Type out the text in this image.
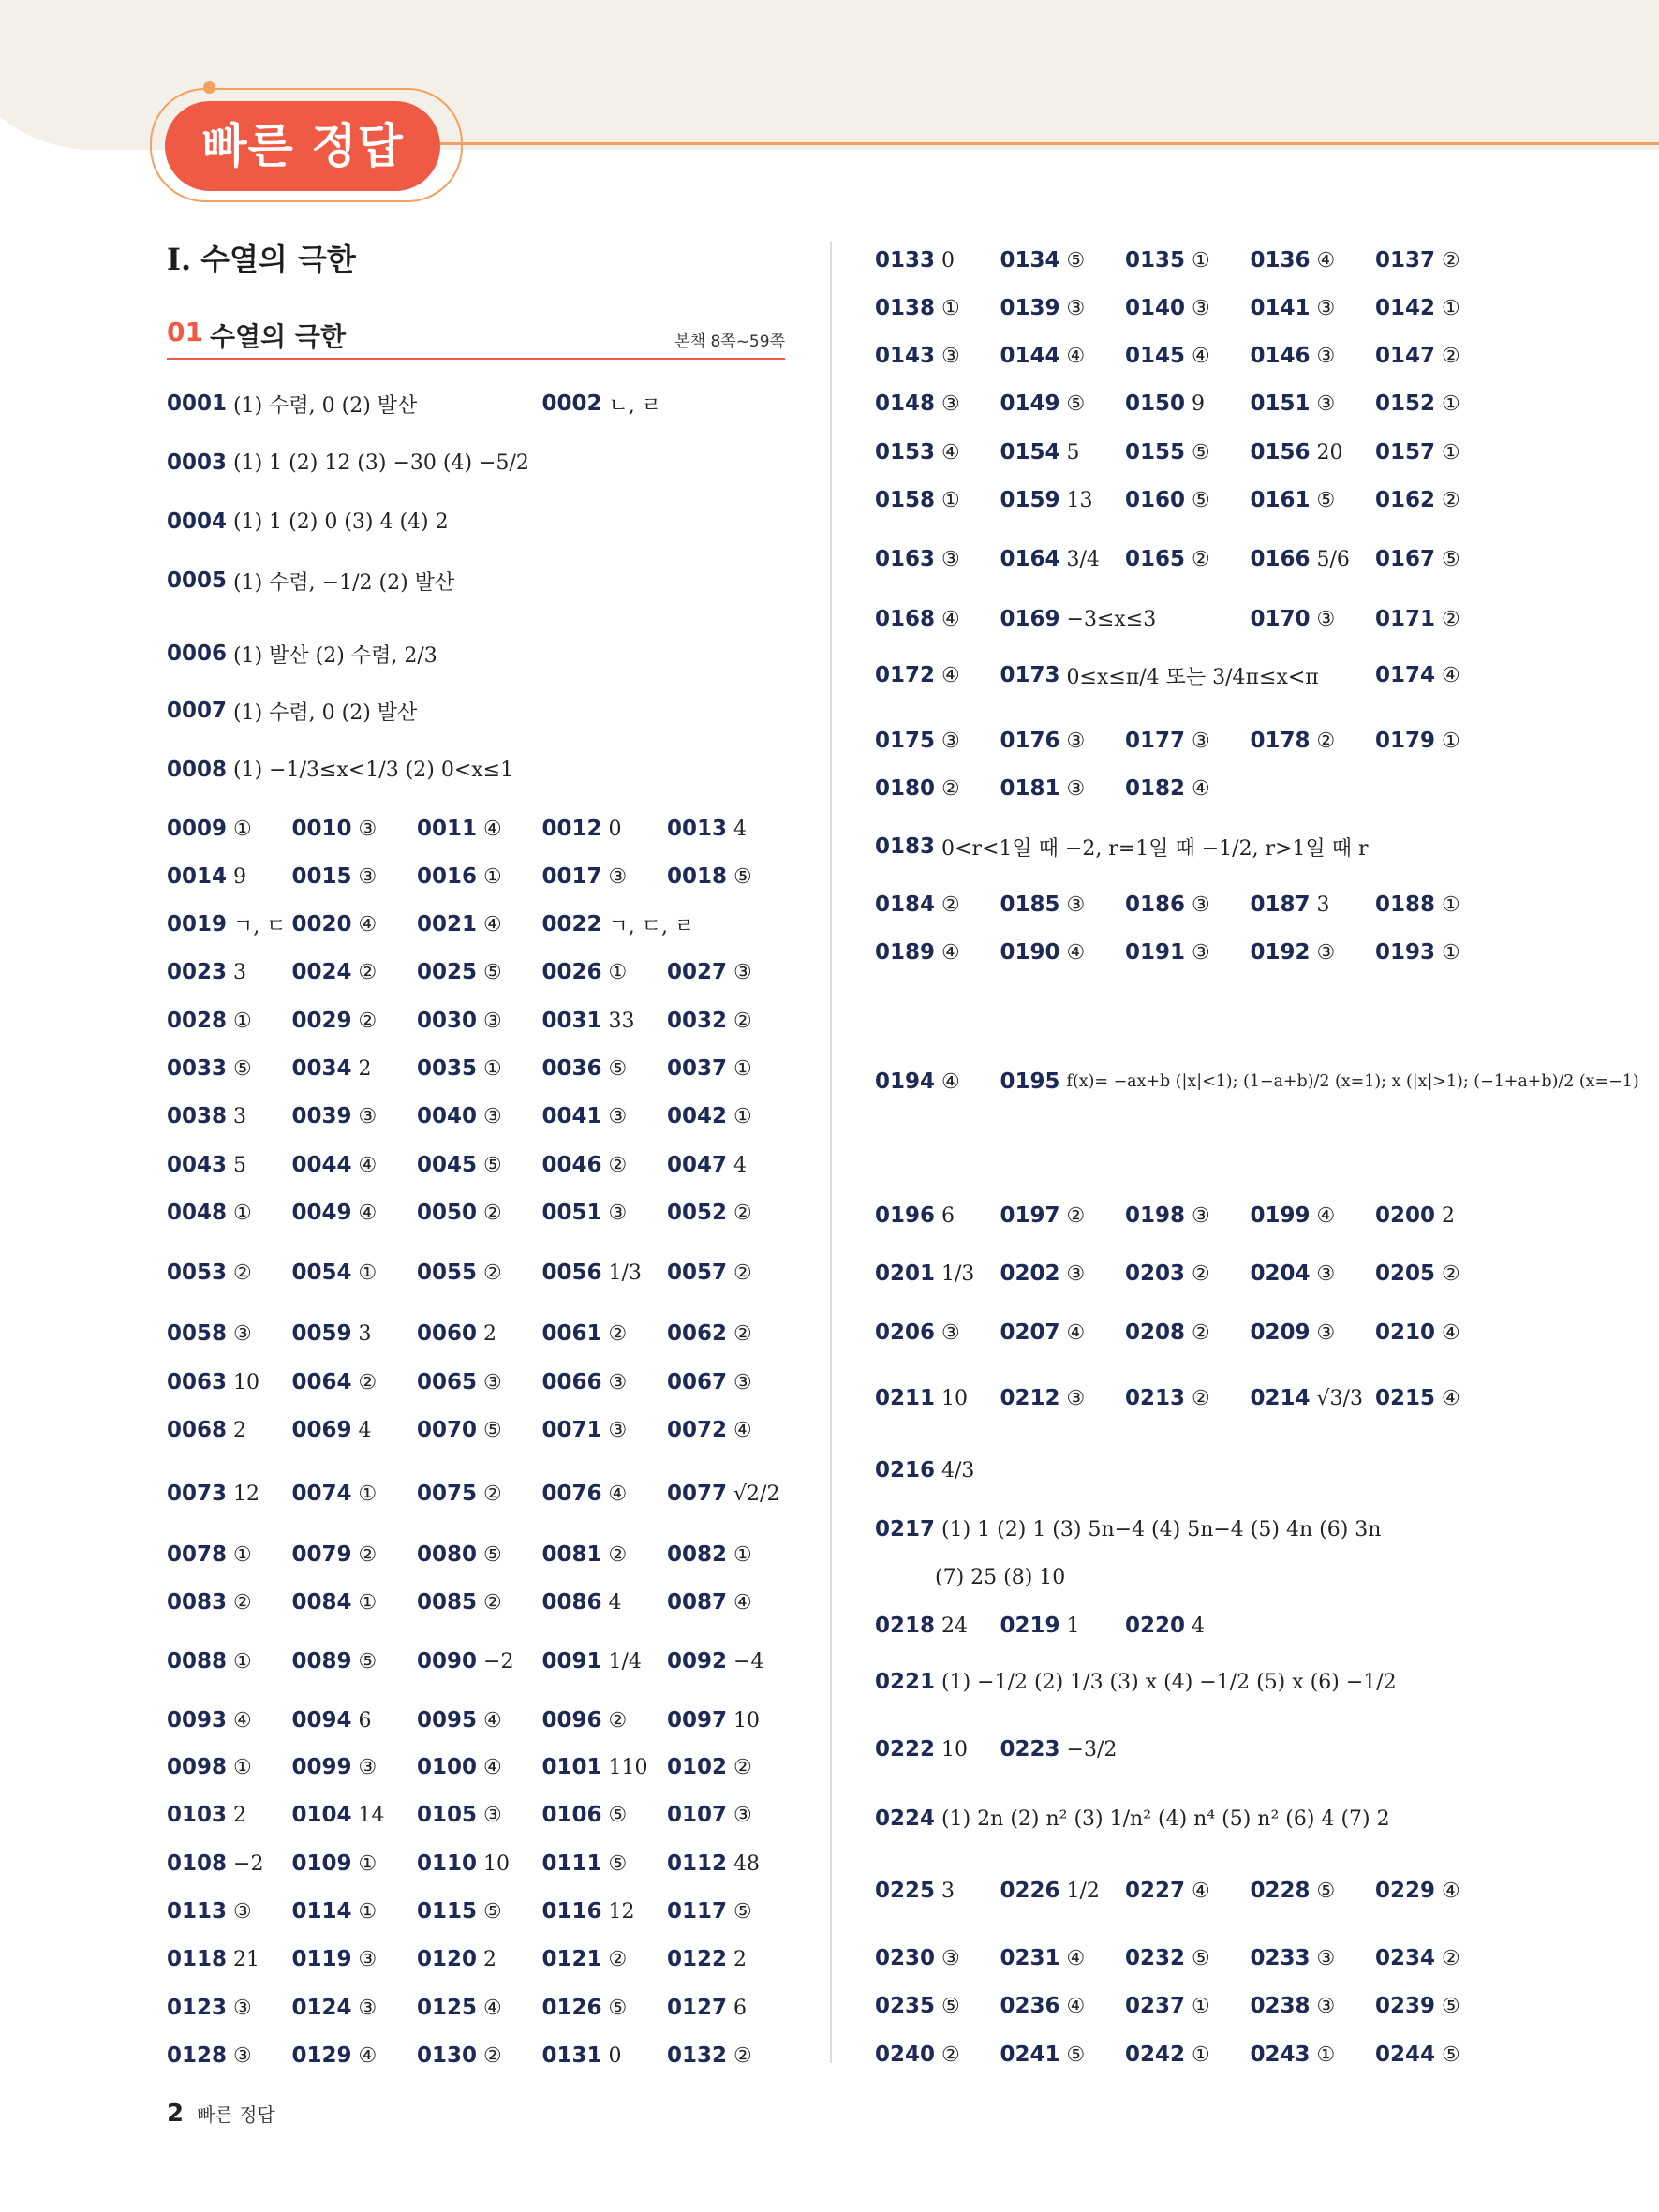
빠른 정답
I. 수열의 극한
01 수열의 극한	본책 8쪽~59쪽
0001 (1) 수렴, 0 (2) 발산	0002 ㄴ, ㄹ
0003 (1) 1 (2) 12 (3) −30 (4) −5/2
0004 (1) 1 (2) 0 (3) 4 (4) 2
0005 (1) 수렴, −1/2 (2) 발산
0006 (1) 발산 (2) 수렴, 2/3
0007 (1) 수렴, 0 (2) 발산
0008 (1) −1/3≤x<1/3 (2) 0<x≤1
0009 ① 0010 ③ 0011 ④ 0012 0 0013 4
0014 9 0015 ③ 0016 ① 0017 ③ 0018 ⑤
0019 ㄱ, ㄷ 0020 ④ 0021 ④ 0022 ㄱ, ㄷ, ㄹ
0023 3 0024 ② 0025 ⑤ 0026 ① 0027 ③
0028 ① 0029 ② 0030 ③ 0031 33 0032 ②
0033 ⑤ 0034 2 0035 ① 0036 ⑤ 0037 ①
0038 3 0039 ③ 0040 ③ 0041 ③ 0042 ①
0043 5 0044 ④ 0045 ⑤ 0046 ② 0047 4
0048 ① 0049 ④ 0050 ② 0051 ③ 0052 ②
0053 ② 0054 ① 0055 ② 0056 1/3 0057 ②
0058 ③ 0059 3 0060 2 0061 ② 0062 ②
0063 10 0064 ② 0065 ③ 0066 ③ 0067 ③
0068 2 0069 4 0070 ⑤ 0071 ③ 0072 ④
0073 12 0074 ① 0075 ② 0076 ④ 0077 √2/2
0078 ① 0079 ② 0080 ⑤ 0081 ② 0082 ①
0083 ② 0084 ① 0085 ② 0086 4 0087 ④
0088 ① 0089 ⑤ 0090 −2 0091 1/4 0092 −4
0093 ④ 0094 6 0095 ④ 0096 ② 0097 10
0098 ① 0099 ③ 0100 ④ 0101 110 0102 ②
0103 2 0104 14 0105 ③ 0106 ⑤ 0107 ③
0108 −2 0109 ① 0110 10 0111 ⑤ 0112 48
0113 ③ 0114 ① 0115 ⑤ 0116 12 0117 ⑤
0118 21 0119 ③ 0120 2 0121 ② 0122 2
0123 ③ 0124 ③ 0125 ④ 0126 ⑤ 0127 6
0128 ③ 0129 ④ 0130 ② 0131 0 0132 ②
0133 0 0134 ⑤ 0135 ① 0136 ④ 0137 ②
0138 ① 0139 ③ 0140 ③ 0141 ③ 0142 ①
0143 ③ 0144 ④ 0145 ④ 0146 ③ 0147 ②
0148 ③ 0149 ⑤ 0150 9 0151 ③ 0152 ①
0153 ④ 0154 5 0155 ⑤ 0156 20 0157 ①
0158 ① 0159 13 0160 ⑤ 0161 ⑤ 0162 ②
0163 ③ 0164 3/4 0165 ② 0166 5/6 0167 ⑤
0168 ④ 0169 −3≤x≤3	0170 ③ 0171 ②
0172 ④ 0173 0≤x≤π/4 또는 3/4π≤x<π	0174 ④
0175 ③ 0176 ③ 0177 ③ 0178 ② 0179 ①
0180 ② 0181 ③ 0182 ④
0183 0<r<1일 때 −2, r=1일 때 −1/2, r>1일 때 r
0184 ② 0185 ③ 0186 ③ 0187 3 0188 ①
0189 ④ 0190 ④ 0191 ③ 0192 ③ 0193 ①
0194 ④ 0195 f(x)= −ax+b (|x|<1); (1−a+b)/2 (x=1); x (|x|>1); (−1+a+b)/2 (x=−1)
0196 6 0197 ② 0198 ③ 0199 ④ 0200 2
0201 1/3 0202 ③ 0203 ② 0204 ③ 0205 ②
0206 ③ 0207 ④ 0208 ② 0209 ③ 0210 ④
0211 10 0212 ③ 0213 ② 0214 √3/3 0215 ④
0216 4/3
0217 (1) 1 (2) 1 (3) 5n−4 (4) 5n−4 (5) 4n (6) 3n
(7) 25 (8) 10
0218 24 0219 1 0220 4
0221 (1) −1/2 (2) 1/3 (3) x (4) −1/2 (5) x (6) −1/2
0222 10 0223 −3/2
0224 (1) 2n (2) n² (3) 1/n² (4) n⁴ (5) n² (6) 4 (7) 2
0225 3 0226 1/2 0227 ④ 0228 ⑤ 0229 ④
0230 ③ 0231 ④ 0232 ⑤ 0233 ③ 0234 ②
0235 ⑤ 0236 ④ 0237 ① 0238 ③ 0239 ⑤
0240 ② 0241 ⑤ 0242 ① 0243 ① 0244 ⑤
2 빠른 정답
